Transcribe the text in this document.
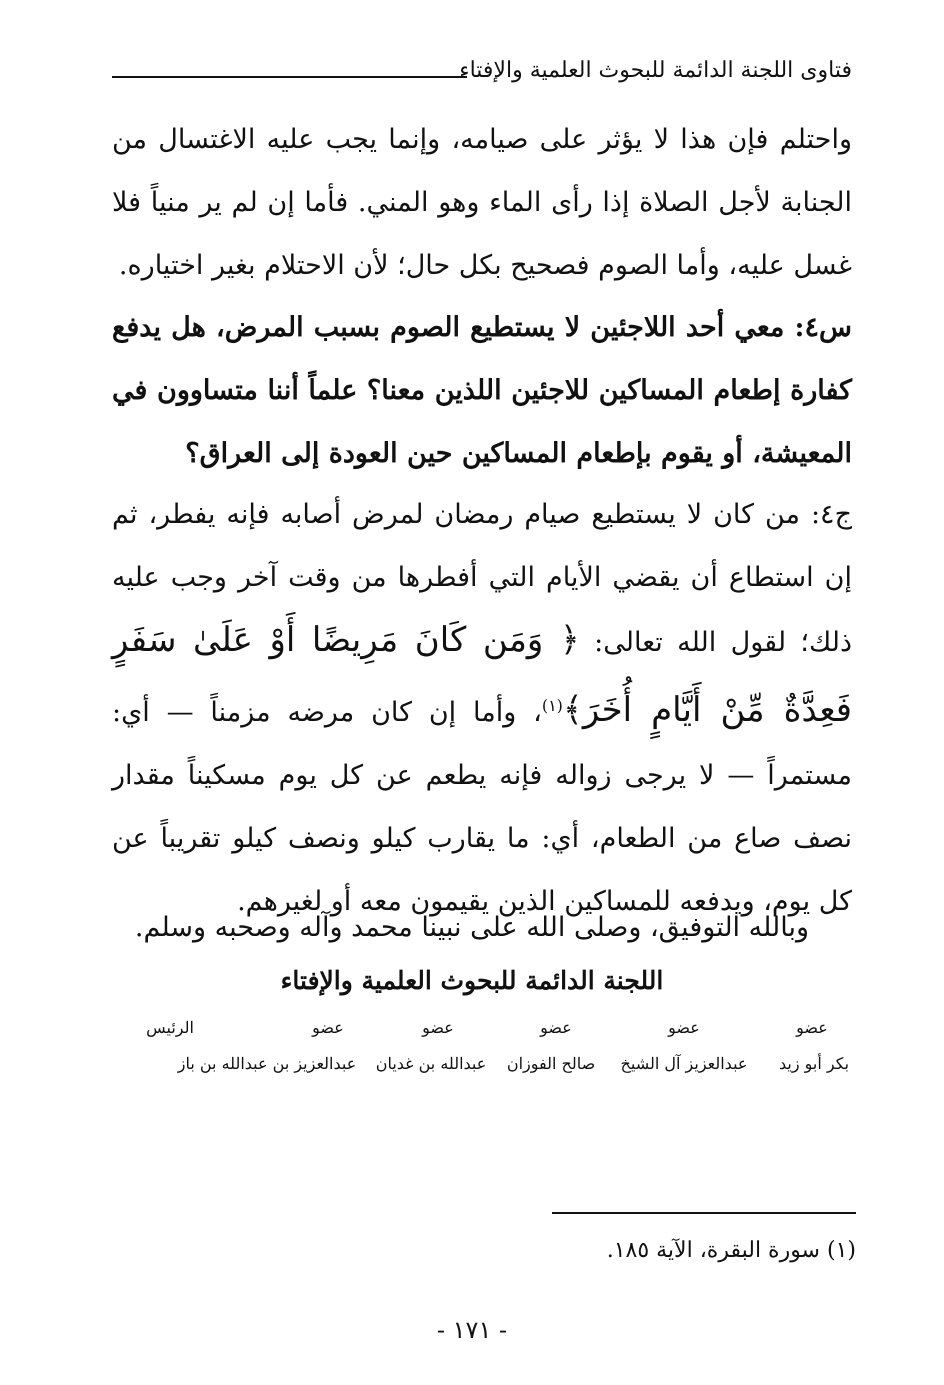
فتاوى اللجنة الدائمة للبحوث العلمية والإفتاء
واحتلم فإن هذا لا يؤثر على صيامه، وإنما يجب عليه الاغتسال من الجنابة لأجل الصلاة إذا رأى الماء وهو المني. فأما إن لم ير منياً فلا غسل عليه، وأما الصوم فصحيح بكل حال؛ لأن الاحتلام بغير اختياره.
س٤: معي أحد اللاجئين لا يستطيع الصوم بسبب المرض، هل يدفع كفارة إطعام المساكين للاجئين اللذين معنا؟ علماً أننا متساوون في المعيشة، أو يقوم بإطعام المساكين حين العودة إلى العراق؟
ج٤: من كان لا يستطيع صيام رمضان لمرض أصابه فإنه يفطر، ثم إن استطاع أن يقضي الأيام التي أفطرها من وقت آخر وجب عليه ذلك؛ لقول الله تعالى: ﴿ وَمَن كَانَ مَرِيضًا أَوْ عَلَىٰ سَفَرٍ فَعِدَّةٌ مِّنْ أَيَّامٍ أُخَرَ﴾$^{(١)}$، وأما إن كان مرضه مزمناً — أي: مستمراً — لا يرجى زواله فإنه يطعم عن كل يوم مسكيناً مقدار نصف صاع من الطعام، أي: ما يقارب كيلو ونصف كيلو تقريباً عن كل يوم، ويدفعه للمساكين الذين يقيمون معه أو لغيرهم.
وبالله التوفيق، وصلى الله على نبينا محمد وآله وصحبه وسلم.
اللجنة الدائمة للبحوث العلمية والإفتاء
عضو
عضو
عضو
عضو
عضو
الرئيس
بكر أبو زيد
عبدالعزيز آل الشيخ
صالح الفوزان
عبدالله بن غديان
عبدالعزيز بن عبدالله بن باز
(١) سورة البقرة، الآية ١٨٥.
- ١٧١ -
